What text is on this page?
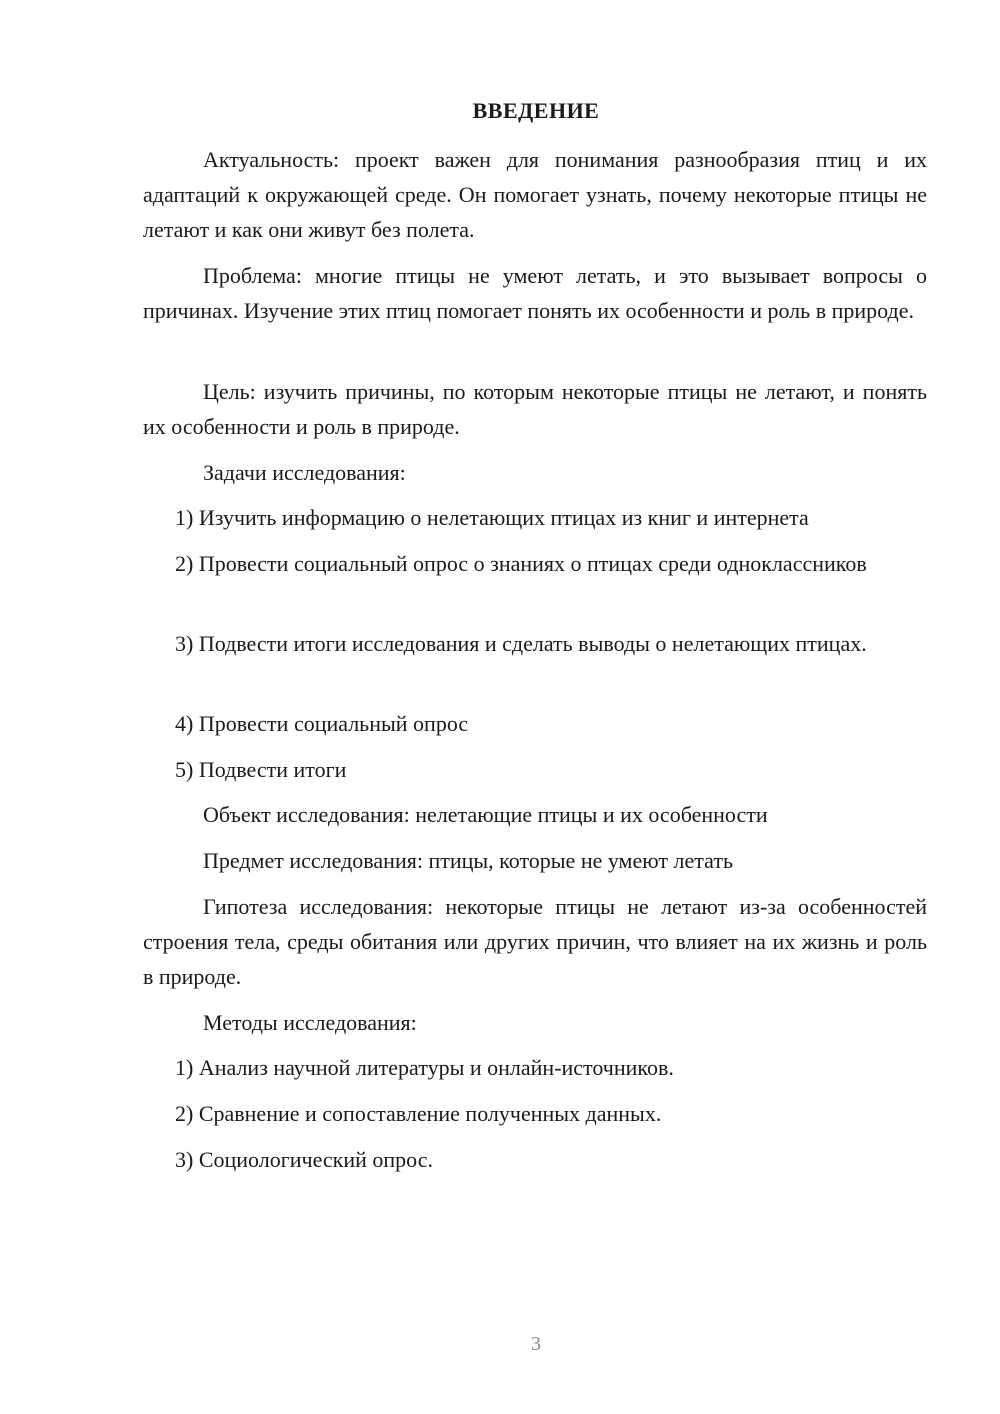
ВВЕДЕНИЕ

Актуальность: проект важен для понимания разнообразия птиц и их адаптаций к окружающей среде. Он помогает узнать, почему некоторые птицы не летают и как они живут без полета.

Проблема: многие птицы не умеют летать, и это вызывает вопросы о причинах. Изучение этих птиц помогает понять их особенности и роль в природе.

Цель: изучить причины, по которым некоторые птицы не летают, и понять их особенности и роль в природе.

Задачи исследования:

1) Изучить информацию о нелетающих птицах из книг и интернета

2) Провести социальный опрос о знаниях о птицах среди одноклассников

3) Подвести итоги исследования и сделать выводы о нелетающих птицах.

4) Провести социальный опрос

5) Подвести итоги

Объект исследования: нелетающие птицы и их особенности

Предмет исследования: птицы, которые не умеют летать

Гипотеза исследования: некоторые птицы не летают из-за особенностей строения тела, среды обитания или других причин, что влияет на их жизнь и роль в природе.

Методы исследования:

1) Анализ научной литературы и онлайн-источников.

2) Сравнение и сопоставление полученных данных.

3) Социологический опрос.

3
